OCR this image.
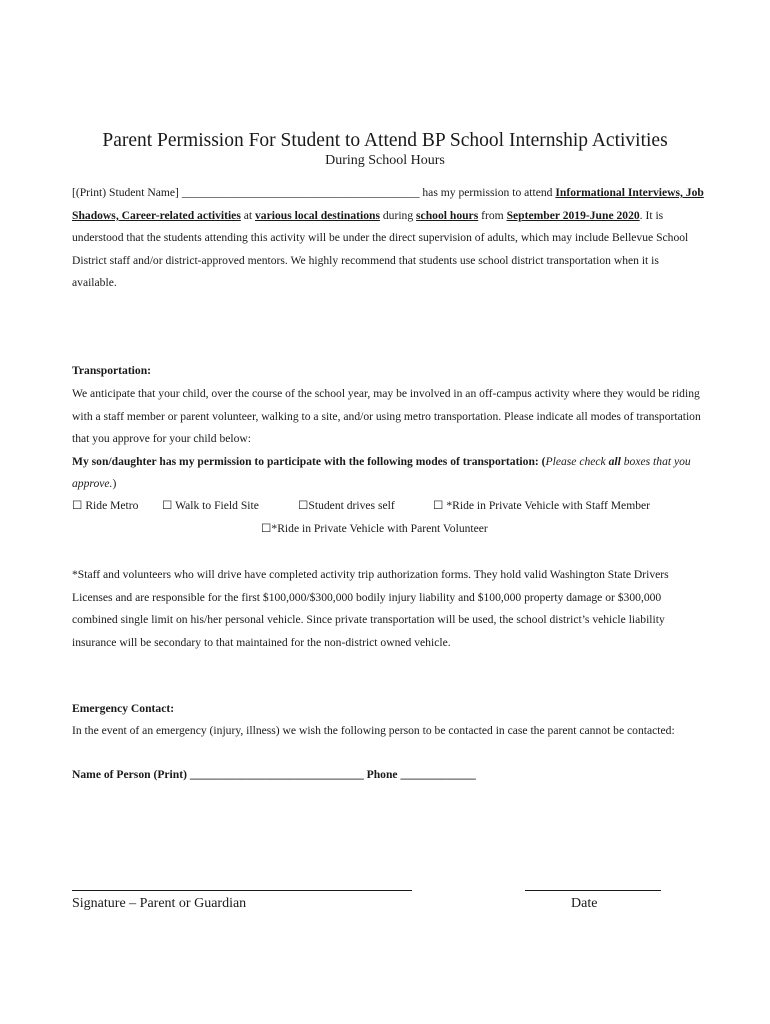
Parent Permission For Student to Attend BP School Internship Activities
During School Hours
[(Print) Student Name] _________________________________________ has my permission to attend Informational Interviews, Job Shadows, Career-related activities at various local destinations during school hours from September 2019-June 2020. It is understood that the students attending this activity will be under the direct supervision of adults, which may include Bellevue School District staff and/or district-approved mentors. We highly recommend that students use school district transportation when it is available.
Transportation:
We anticipate that your child, over the course of the school year, may be involved in an off-campus activity where they would be riding with a staff member or parent volunteer, walking to a site, and/or using metro transportation. Please indicate all modes of transportation that you approve for your child below:
My son/daughter has my permission to participate with the following modes of transportation: (Please check all boxes that you approve.)
☐ Ride Metro ☐ Walk to Field Site	☐Student drives self	☐ *Ride in Private Vehicle with Staff Member
☐*Ride in Private Vehicle with Parent Volunteer
*Staff and volunteers who will drive have completed activity trip authorization forms. They hold valid Washington State Drivers Licenses and are responsible for the first $100,000/$300,000 bodily injury liability and $100,000 property damage or $300,000 combined single limit on his/her personal vehicle. Since private transportation will be used, the school district’s vehicle liability insurance will be secondary to that maintained for the non-district owned vehicle.
Emergency Contact:
In the event of an emergency (injury, illness) we wish the following person to be contacted in case the parent cannot be contacted:
Name of Person (Print) ______________________________ Phone _____________
Signature – Parent or Guardian	Date
